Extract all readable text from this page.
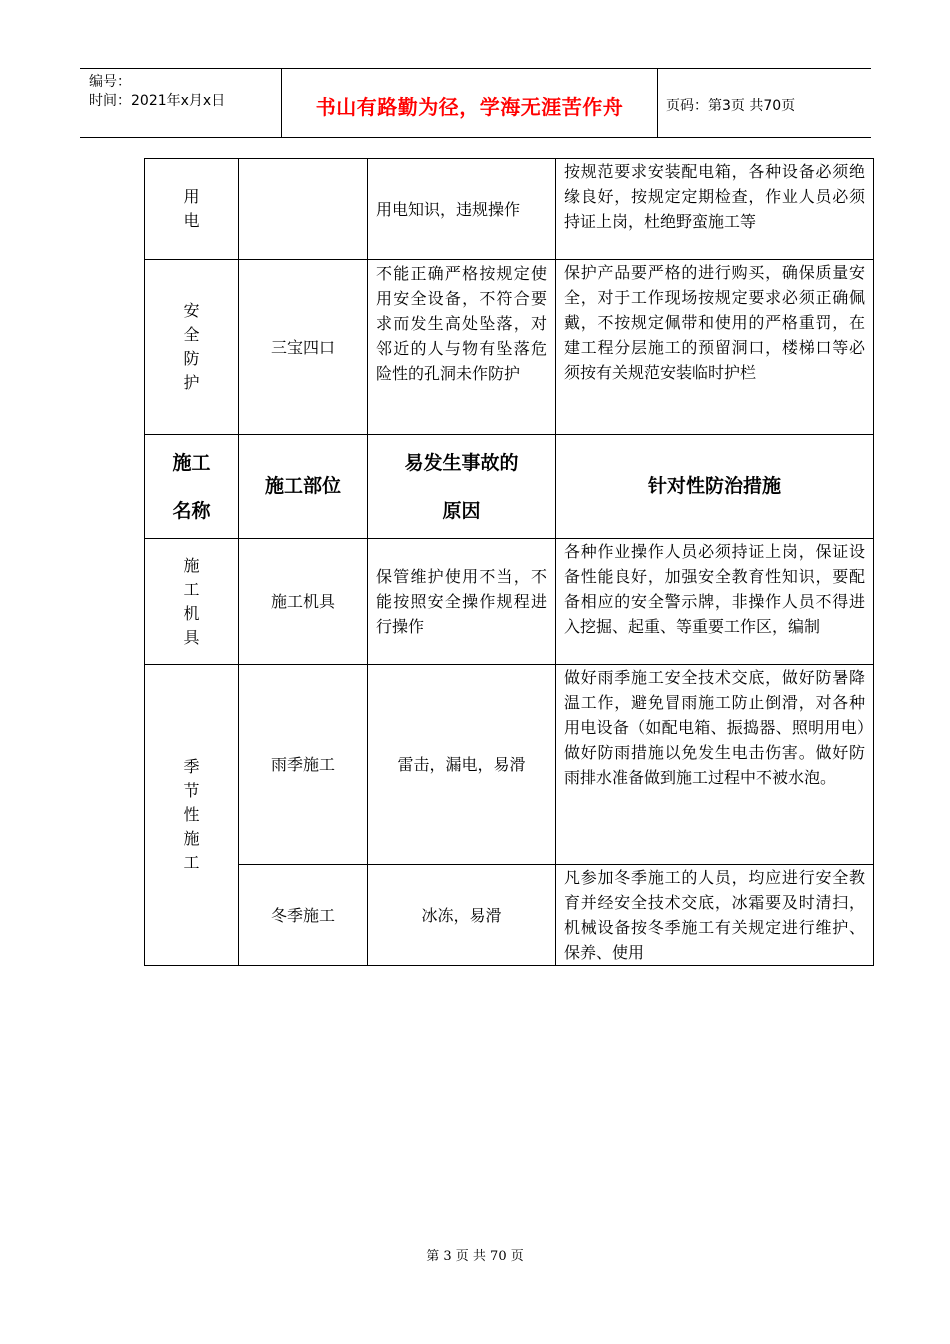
编号：
时间：2021年x月x日	书山有路勤为径，学海无涯苦作舟	页码：第3页 共70页
用电		用电知识，违规操作	按规范要求安装配电箱，各种设备必须绝缘良好，按规定定期检查，作业人员必须持证上岗，杜绝野蛮施工等
安全防护	三宝四口	不能正确严格按规定使用安全设备，不符合要求而发生高处坠落，对邻近的人与物有坠落危险性的孔洞未作防护	保护产品要严格的进行购买，确保质量安全，对于工作现场按规定要求必须正确佩戴，不按规定佩带和使用的严格重罚，在建工程分层施工的预留洞口，楼梯口等必须按有关规范安装临时护栏
施工名称	施工部位	易发生事故的原因	针对性防治措施
施工机具	施工机具	保管维护使用不当，不能按照安全操作规程进行操作	各种作业操作人员必须持证上岗，保证设备性能良好，加强安全教育性知识，要配备相应的安全警示牌，非操作人员不得进入挖掘、起重、等重要工作区，编制
季节性施工	雨季施工	雷击，漏电，易滑	做好雨季施工安全技术交底，做好防暑降温工作，避免冒雨施工防止倒滑，对各种用电设备（如配电箱、振捣器、照明用电）做好防雨措施以免发生电击伤害。做好防雨排水准备做到施工过程中不被水泡。
	冬季施工	冰冻，易滑	凡参加冬季施工的人员，均应进行安全教育并经安全技术交底，冰霜要及时清扫，机械设备按冬季施工有关规定进行维护、保养、使用
第 3 页 共 70 页
